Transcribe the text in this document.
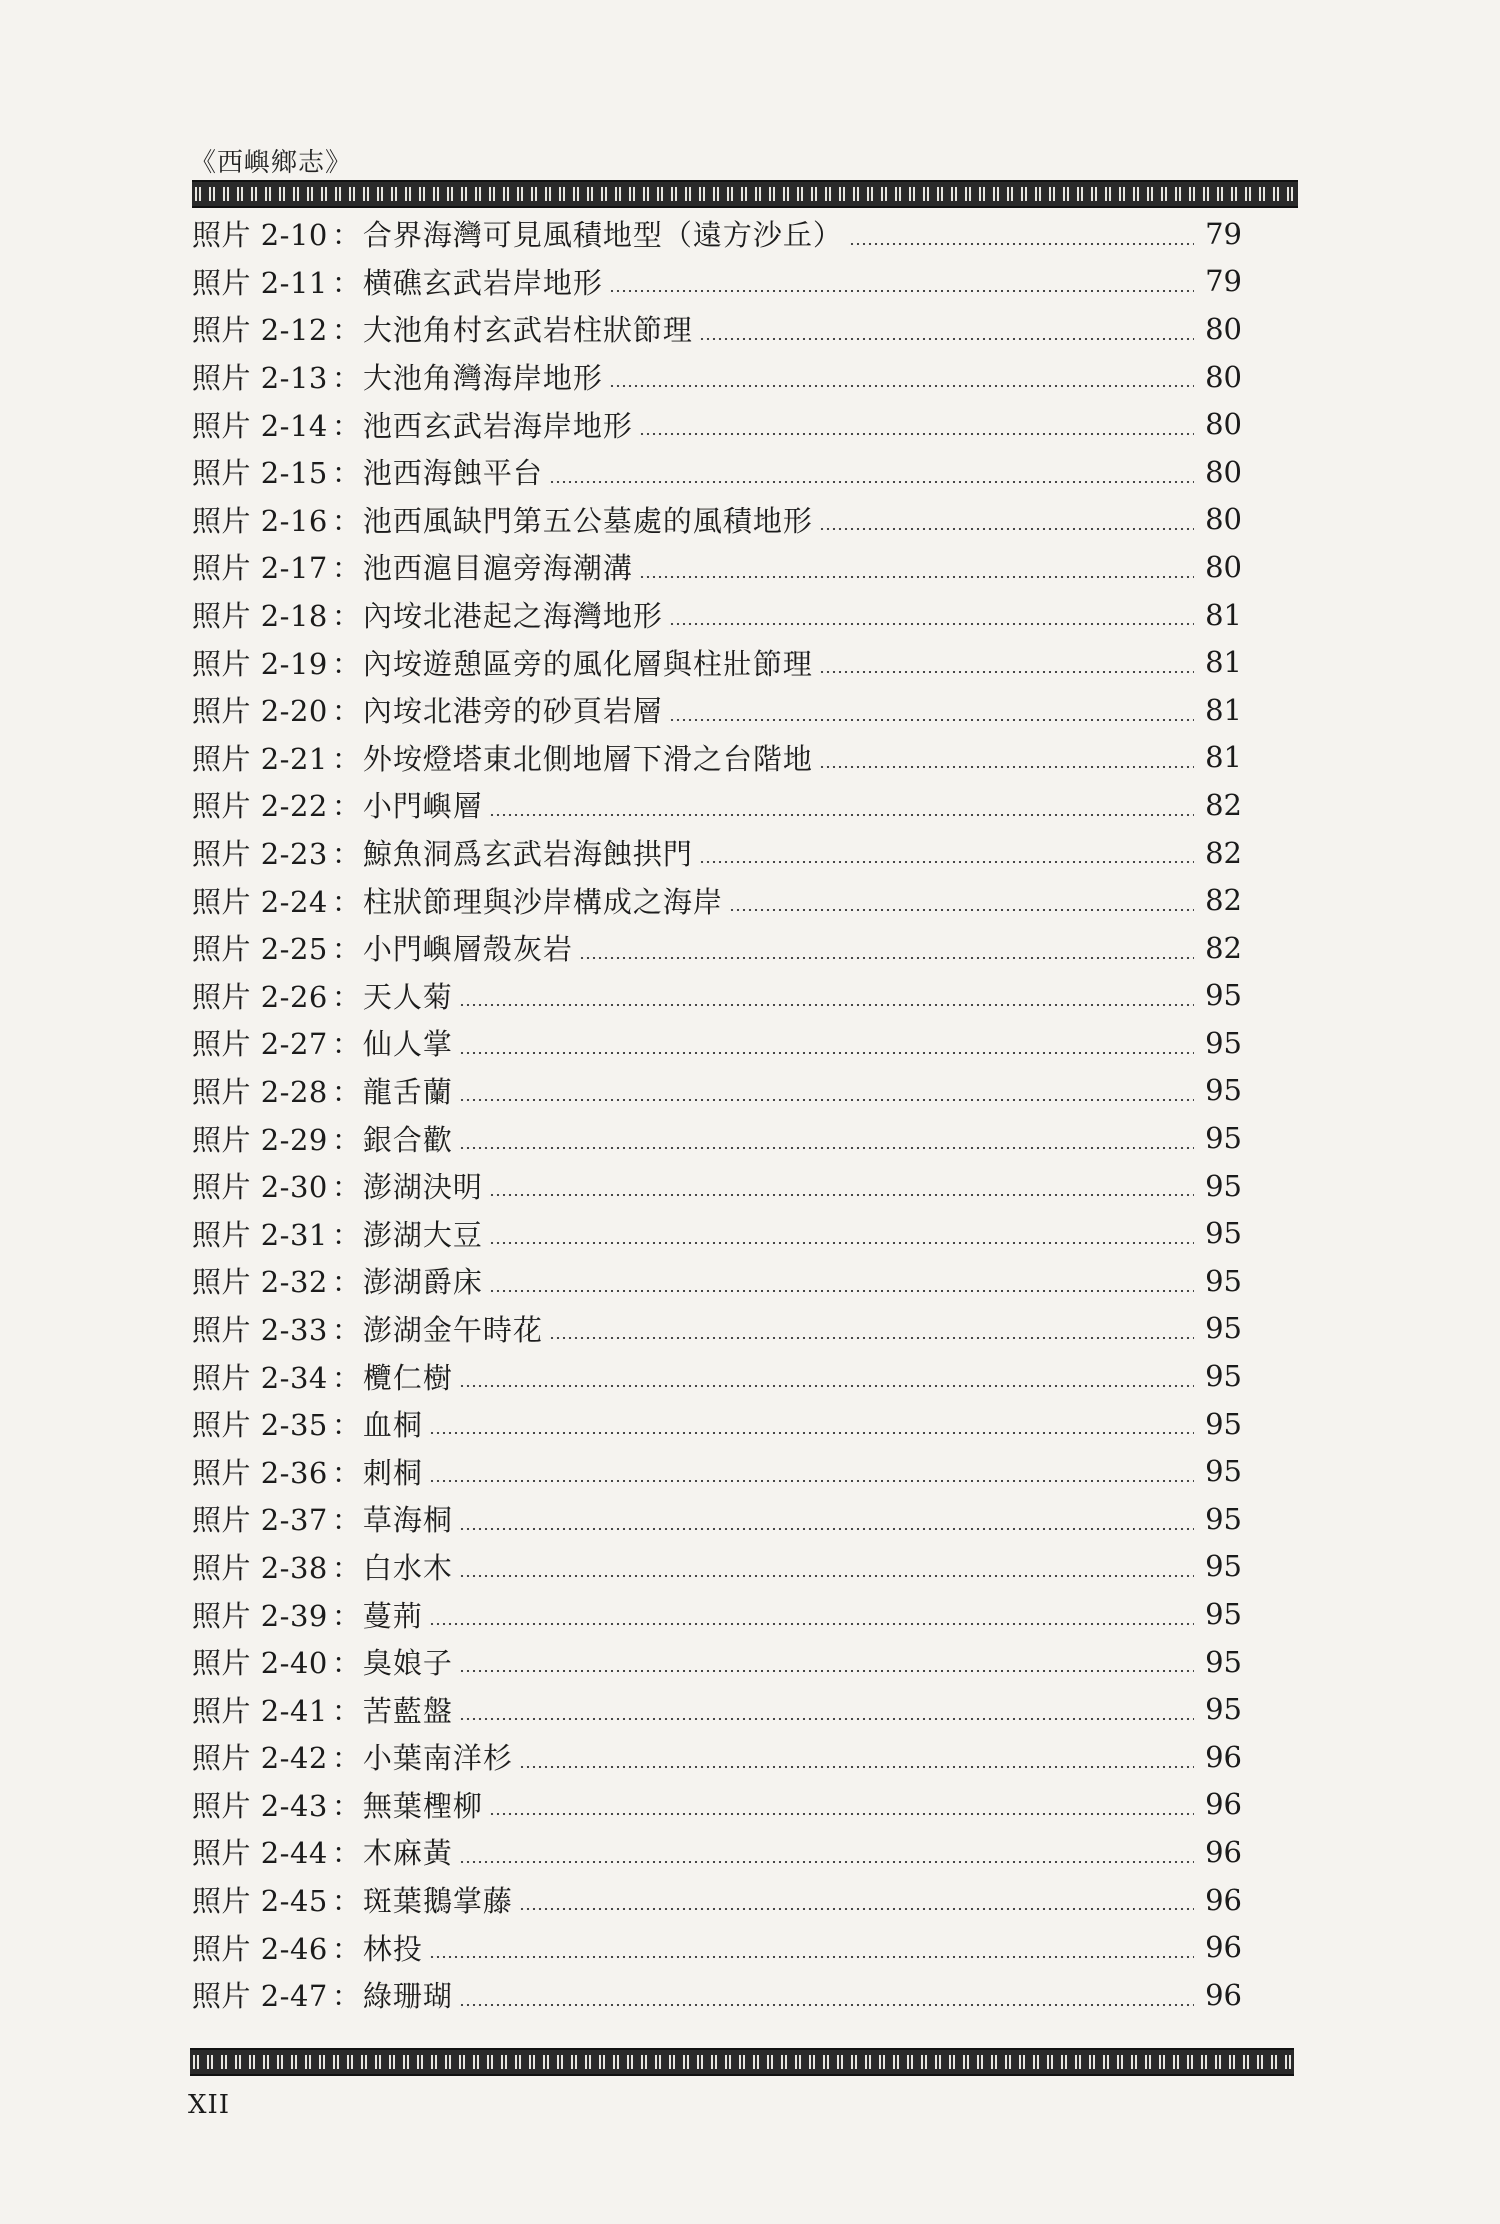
《西嶼鄉志》
照片 2-10 ： 合界海灣可見風積地型（遠方沙丘）	79
照片 2-11 ： 横礁玄武岩岸地形	79
照片 2-12 ： 大池角村玄武岩柱狀節理	80
照片 2-13 ： 大池角灣海岸地形	80
照片 2-14 ： 池西玄武岩海岸地形	80
照片 2-15 ： 池西海蝕平台	80
照片 2-16 ： 池西風缺門第五公墓處的風積地形	80
照片 2-17 ： 池西滬目滬旁海潮溝	80
照片 2-18 ： 內垵北港起之海灣地形	81
照片 2-19 ： 內垵遊憩區旁的風化層與柱壯節理	81
照片 2-20 ： 內垵北港旁的砂頁岩層	81
照片 2-21 ： 外垵燈塔東北側地層下滑之台階地	81
照片 2-22 ： 小門嶼層	82
照片 2-23 ： 鯨魚洞爲玄武岩海蝕拱門	82
照片 2-24 ： 柱狀節理與沙岸構成之海岸	82
照片 2-25 ： 小門嶼層殼灰岩	82
照片 2-26 ： 天人菊	95
照片 2-27 ： 仙人掌	95
照片 2-28 ： 龍舌蘭	95
照片 2-29 ： 銀合歡	95
照片 2-30 ： 澎湖決明	95
照片 2-31 ： 澎湖大豆	95
照片 2-32 ： 澎湖爵床	95
照片 2-33 ： 澎湖金午時花	95
照片 2-34 ： 欖仁樹	95
照片 2-35 ： 血桐	95
照片 2-36 ： 刺桐	95
照片 2-37 ： 草海桐	95
照片 2-38 ： 白水木	95
照片 2-39 ： 蔓荊	95
照片 2-40 ： 臭娘子	95
照片 2-41 ： 苦藍盤	95
照片 2-42 ： 小葉南洋杉	96
照片 2-43 ： 無葉檉柳	96
照片 2-44 ： 木麻黃	96
照片 2-45 ： 斑葉鵝掌藤	96
照片 2-46 ： 林投	96
照片 2-47 ： 綠珊瑚	96
XII
